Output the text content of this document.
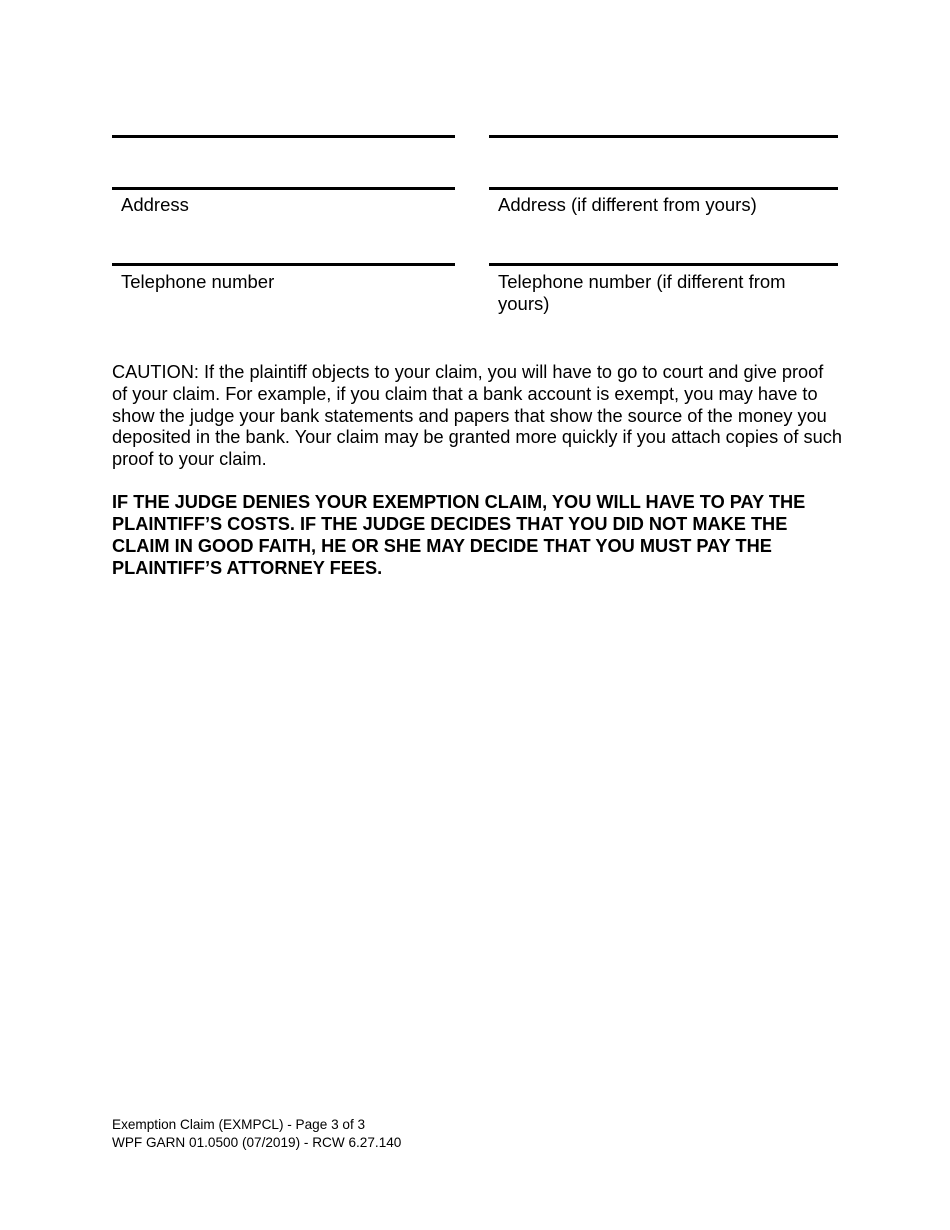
Address	Address (if different from yours)
Telephone number	Telephone number (if different from yours)
CAUTION: If the plaintiff objects to your claim, you will have to go to court and give proof of your claim. For example, if you claim that a bank account is exempt, you may have to show the judge your bank statements and papers that show the source of the money you deposited in the bank. Your claim may be granted more quickly if you attach copies of such proof to your claim.
IF THE JUDGE DENIES YOUR EXEMPTION CLAIM, YOU WILL HAVE TO PAY THE PLAINTIFF’S COSTS. IF THE JUDGE DECIDES THAT YOU DID NOT MAKE THE CLAIM IN GOOD FAITH, HE OR SHE MAY DECIDE THAT YOU MUST PAY THE PLAINTIFF’S ATTORNEY FEES.
Exemption Claim (EXMPCL) - Page 3 of 3
WPF GARN 01.0500 (07/2019) - RCW 6.27.140
